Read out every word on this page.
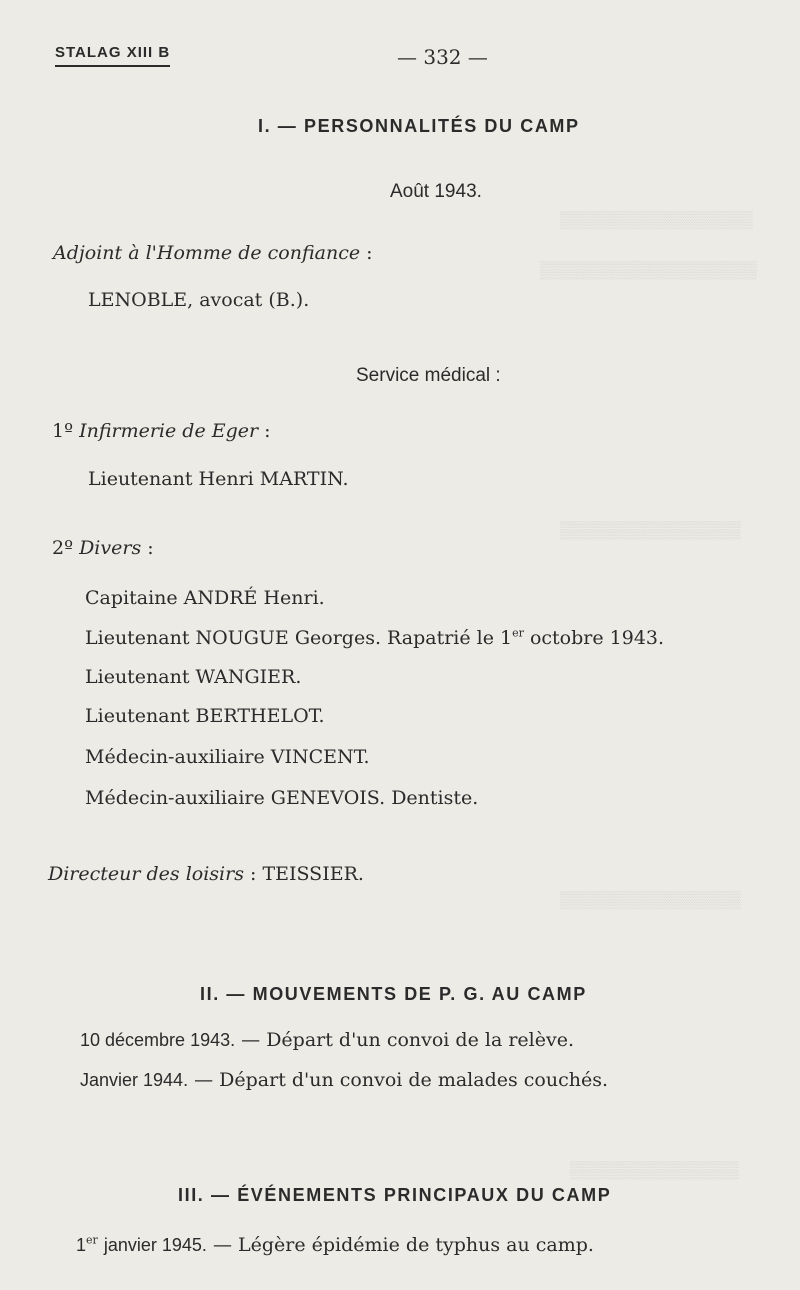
▒▒▒▒▒▒▒▒▒▒▒▒▒▒▒▒
▒▒▒▒▒▒▒▒▒▒▒▒▒▒▒▒▒▒
▒▒▒▒▒▒▒▒▒▒▒▒▒▒▒
▒▒▒▒▒▒▒▒▒▒▒▒▒▒▒
▒▒▒▒▒▒▒▒▒▒▒▒▒▒
STALAG XIII B	— 332 —
I. — PERSONNALITÉS DU CAMP
Août 1943.
Adjoint à l'Homme de confiance :
LENOBLE, avocat (B.).
Service médical :
1º Infirmerie de Eger :
Lieutenant Henri MARTIN.
2º Divers :
Capitaine ANDRÉ Henri.
Lieutenant NOUGUE Georges. Rapatrié le 1er octobre 1943.
Lieutenant WANGIER.
Lieutenant BERTHELOT.
Médecin-auxiliaire VINCENT.
Médecin-auxiliaire GENEVOIS. Dentiste.
Directeur des loisirs : TEISSIER.
II. — MOUVEMENTS DE P. G. AU CAMP
10 décembre 1943. — Départ d'un convoi de la relève.
Janvier 1944. — Départ d'un convoi de malades couchés.
III. — ÉVÉNEMENTS PRINCIPAUX DU CAMP
1er janvier 1945. — Légère épidémie de typhus au camp.
